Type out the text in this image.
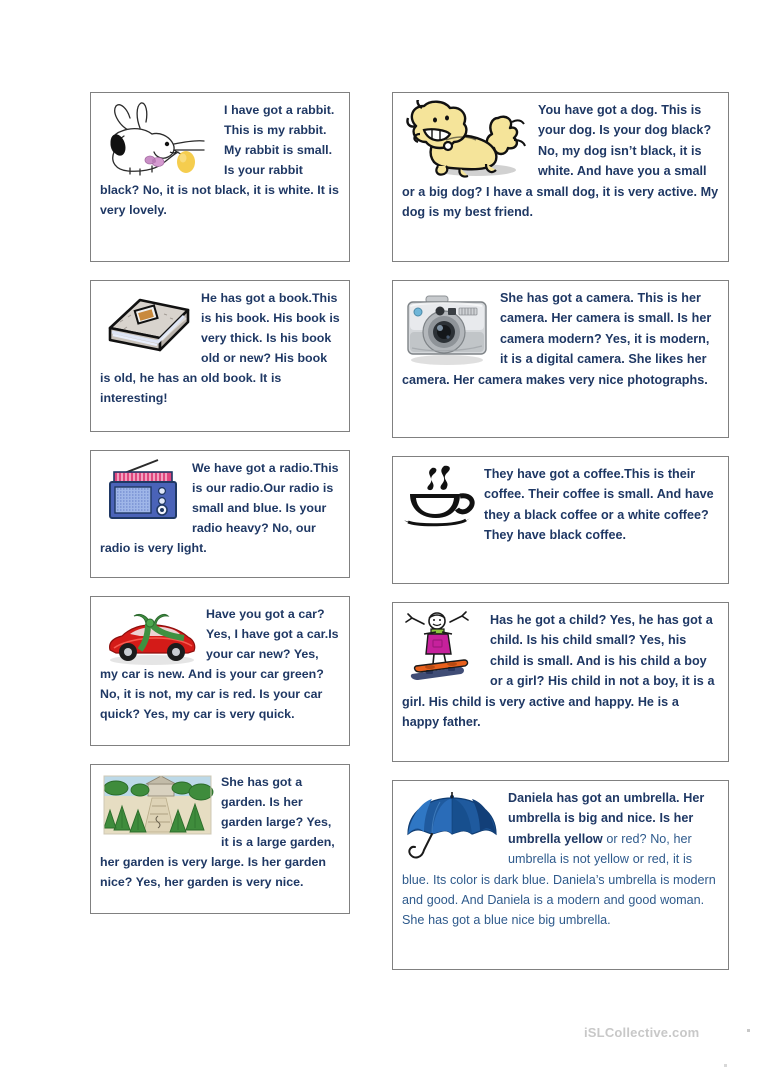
I have got a rabbit. This is my rabbit. My rabbit is small. Is your rabbit black? No, it is not black, it is white. It is very lovely.
He has got a book.This is his book. His book is very thick. Is his book old or new? His book is old, he has an old book. It is interesting!
We have got a radio.This is our radio.Our radio is small and blue. Is your radio heavy? No, our radio is very light.
Have you got a car? Yes, I have got a car.Is your car new? Yes, my car is new. And is your car green? No, it is not, my car is red. Is your car quick? Yes, my car is very quick.
She has got a garden. Is her garden large? Yes, it is a large garden, her garden is very large. Is her garden nice? Yes, her garden is very nice.
You have got a dog. This is your dog. Is your dog black? No, my dog isn’t black, it is white. And have you a small or a big dog? I have a small dog, it is very active. My dog is my best friend.
She has got a camera. This is her camera. Her camera is small. Is her camera modern? Yes, it is modern, it is a digital camera. She likes her camera. Her camera makes very nice photographs.
They have got a coffee.This is their coffee. Their coffee is small. And have they a black coffee or a white coffee? They have black coffee.
Has he got a child? Yes, he has got a child. Is his child small? Yes, his child is small. And is his child a boy or a girl? His child in not a boy, it is a girl. His child is very active and happy. He is a happy father.
Daniela has got an umbrella. Her umbrella is big and nice. Is her umbrella yellow or red? No, her umbrella is not yellow or red, it is blue. Its color is dark blue. Daniela’s umbrella is modern and good. And Daniela is a modern and good woman. She has got a blue nice big umbrella.
iSLCollective.com
